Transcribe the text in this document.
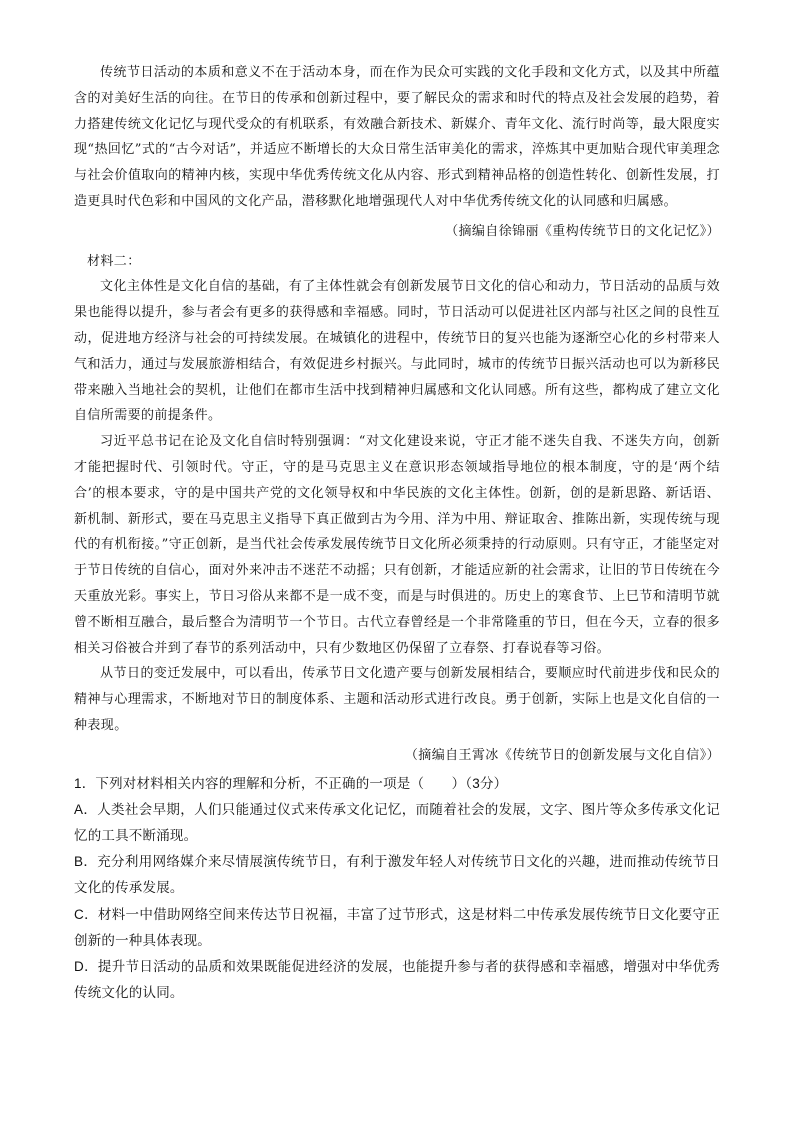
传统节日活动的本质和意义不在于活动本身，而在作为民众可实践的文化手段和文化方式，以及其中所蕴含的对美好生活的向往。在节日的传承和创新过程中，要了解民众的需求和时代的特点及社会发展的趋势，着力搭建传统文化记忆与现代受众的有机联系，有效融合新技术、新媒介、青年文化、流行时尚等，最大限度实现“热回忆”式的“古今对话”，并适应不断增长的大众日常生活审美化的需求，淬炼其中更加贴合现代审美理念与社会价值取向的精神内核，实现中华优秀传统文化从内容、形式到精神品格的创造性转化、创新性发展，打造更具时代色彩和中国风的文化产品，潜移默化地增强现代人对中华优秀传统文化的认同感和归属感。

（摘编自徐锦丽《重构传统节日的文化记忆》）

材料二：

文化主体性是文化自信的基础，有了主体性就会有创新发展节日文化的信心和动力，节日活动的品质与效果也能得以提升，参与者会有更多的获得感和幸福感。同时，节日活动可以促进社区内部与社区之间的良性互动，促进地方经济与社会的可持续发展。在城镇化的进程中，传统节日的复兴也能为逐渐空心化的乡村带来人气和活力，通过与发展旅游相结合，有效促进乡村振兴。与此同时，城市的传统节日振兴活动也可以为新移民带来融入当地社会的契机，让他们在都市生活中找到精神归属感和文化认同感。所有这些，都构成了建立文化自信所需要的前提条件。

习近平总书记在论及文化自信时特别强调：“对文化建设来说，守正才能不迷失自我、不迷失方向，创新才能把握时代、引领时代。守正，守的是马克思主义在意识形态领域指导地位的根本制度，守的是‘两个结合’的根本要求，守的是中国共产党的文化领导权和中华民族的文化主体性。创新，创的是新思路、新话语、新机制、新形式，要在马克思主义指导下真正做到古为今用、洋为中用、辩证取舍、推陈出新，实现传统与现代的有机衔接。”守正创新，是当代社会传承发展传统节日文化所必须秉持的行动原则。只有守正，才能坚定对于节日传统的自信心，面对外来冲击不迷茫不动摇；只有创新，才能适应新的社会需求，让旧的节日传统在今天重放光彩。事实上，节日习俗从来都不是一成不变，而是与时俱进的。历史上的寒食节、上巳节和清明节就曾不断相互融合，最后整合为清明节一个节日。古代立春曾经是一个非常隆重的节日，但在今天，立春的很多相关习俗被合并到了春节的系列活动中，只有少数地区仍保留了立春祭、打春说春等习俗。

从节日的变迁发展中，可以看出，传承节日文化遗产要与创新发展相结合，要顺应时代前进步伐和民众的精神与心理需求，不断地对节日的制度体系、主题和活动形式进行改良。勇于创新，实际上也是文化自信的一种表现。

（摘编自王霄冰《传统节日的创新发展与文化自信》）

1．下列对材料相关内容的理解和分析，不正确的一项是（　　）（3分）

A．人类社会早期，人们只能通过仪式来传承文化记忆，而随着社会的发展，文字、图片等众多传承文化记忆的工具不断涌现。

B．充分利用网络媒介来尽情展演传统节日，有利于激发年轻人对传统节日文化的兴趣，进而推动传统节日文化的传承发展。

C．材料一中借助网络空间来传达节日祝福，丰富了过节形式，这是材料二中传承发展传统节日文化要守正创新的一种具体表现。

D．提升节日活动的品质和效果既能促进经济的发展，也能提升参与者的获得感和幸福感，增强对中华优秀传统文化的认同。
